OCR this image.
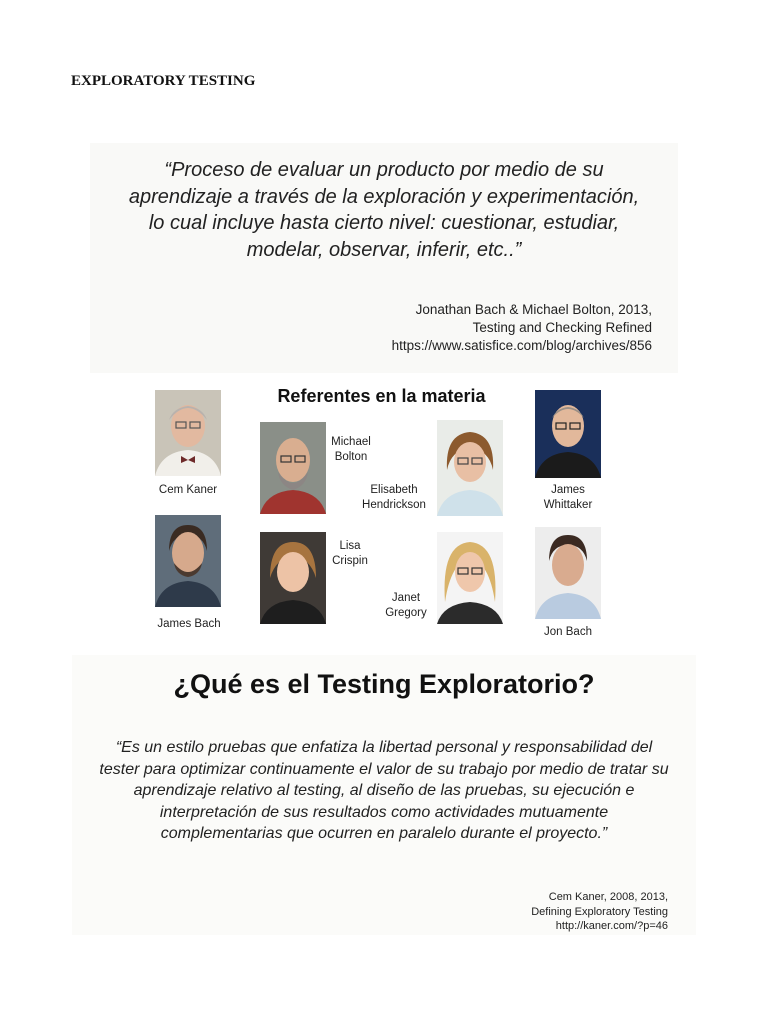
EXPLORATORY TESTING
“Proceso de evaluar un producto por medio de su
aprendizaje a través de la exploración y experimentación,
lo cual incluye hasta cierto nivel: cuestionar, estudiar,
modelar, observar, inferir, etc..”
Jonathan Bach & Michael Bolton, 2013,
Testing and Checking Refined
https://www.satisfice.com/blog/archives/856
Referentes en la materia
Cem Kaner
Michael
Bolton
Elisabeth
Hendrickson
James
Whittaker
James Bach
Lisa
Crispin
Janet
Gregory
Jon Bach
¿Qué es el Testing Exploratorio?
“Es un estilo pruebas que enfatiza la libertad personal y responsabilidad del
tester para optimizar continuamente el valor de su trabajo por medio de tratar su
aprendizaje relativo al testing, al diseño de las pruebas, su ejecución e
interpretación de sus resultados como actividades mutuamente
complementarias que ocurren en paralelo durante el proyecto.”
Cem Kaner, 2008, 2013,
Defining Exploratory Testing
http://kaner.com/?p=46
